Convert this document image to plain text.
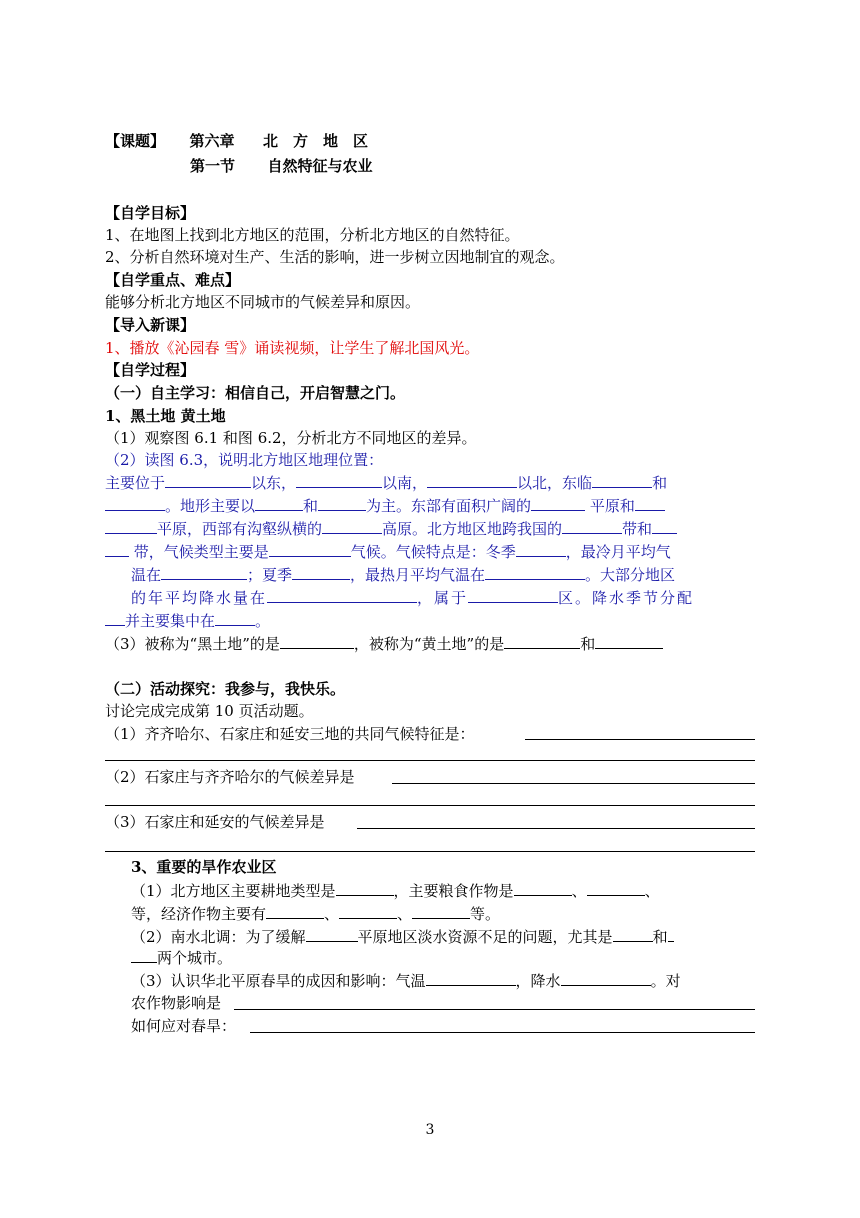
【课题】 第六章 北　方　地　区
第一节 自然特征与农业
【自学目标】
1、在地图上找到北方地区的范围，分析北方地区的自然特征。
2、分析自然环境对生产、生活的影响，进一步树立因地制宜的观念。
【自学重点、难点】
能够分析北方地区不同城市的气候差异和原因。
【导入新课】
1、播放《沁园春 雪》诵读视频，让学生了解北国风光。
【自学过程】
（一）自主学习：相信自己，开启智慧之门。
1、黑土地 黄土地
（1）观察图 6.1 和图 6.2，分析北方不同地区的差异。
（2）读图 6.3，说明北方地区地理位置：
主要位于	以东，	以南，	以北，东临	和
。地形主要以	和	为主。东部有面积广阔的	平原和
平原，西部有沟壑纵横的	高原。北方地区地跨我国的	带和
带，气候类型主要是	气候。气候特点是：冬季	，最冷月平均气
温在	；夏季	，最热月平均气温在	。大部分地区
的年平均降水量在	，属于	区。降水季节分配
并主要集中在	。
（3）被称为“黑土地”的是	，被称为“黄土地”的是	和
（二）活动探究：我参与，我快乐。
讨论完成完成第 10 页活动题。
（1）齐齐哈尔、石家庄和延安三地的共同气候特征是：
（2）石家庄与齐齐哈尔的气候差异是
（3）石家庄和延安的气候差异是
3、重要的旱作农业区
（1）北方地区主要耕地类型是	，主要粮食作物是	、	、
等，经济作物主要有	、	、	等。
（2）南水北调：为了缓解	平原地区淡水资源不足的问题，尤其是	和
两个城市。
（3）认识华北平原春旱的成因和影响：气温	，降水	。对
农作物影响是
如何应对春旱：
3
